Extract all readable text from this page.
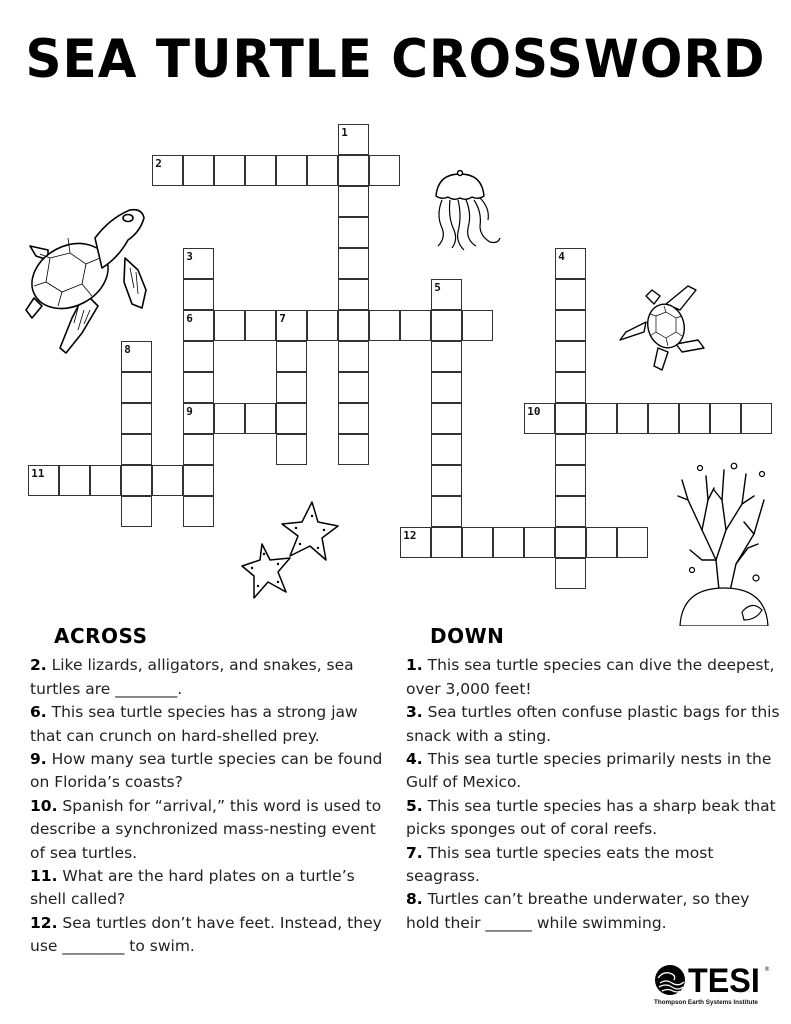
SEA TURTLE CROSSWORD
1
2
3
6
9
4
5
7
8
10
11
12
ACROSS

2. Like lizards, alligators, and snakes, sea turtles are ________.

6. This sea turtle species has a strong jaw that can crunch on hard-shelled prey.

9. How many sea turtle species can be found on Florida’s coasts?

10. Spanish for “arrival,” this word is used to describe a synchronized mass-nesting event of sea turtles.

11. What are the hard plates on a turtle’s shell called?

12. Sea turtles don’t have feet. Instead, they use ________ to swim.

DOWN

1. This sea turtle species can dive the deepest, over 3,000 feet!

3. Sea turtles often confuse plastic bags for this snack with a sting.

4. This sea turtle species primarily nests in the Gulf of Mexico.

5. This sea turtle species has a sharp beak that picks sponges out of coral reefs.

7. This sea turtle species eats the most seagrass.

8. Turtles can’t breathe underwater, so they hold their ______ while swimming.

TESI ®
Thompson Earth Systems Institute
